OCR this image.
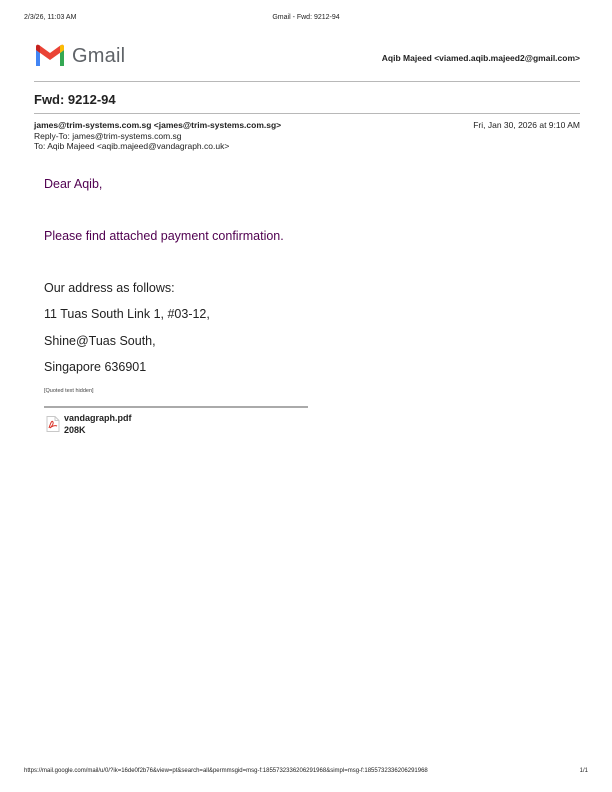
2/3/26, 11:03 AM	Gmail - Fwd: 9212-94
Gmail	Aqib Majeed <viamed.aqib.majeed2@gmail.com>
Fwd: 9212-94
james@trim-systems.com.sg <james@trim-systems.com.sg>	Fri, Jan 30, 2026 at 9:10 AM
Reply-To: james@trim-systems.com.sg
To: Aqib Majeed <aqib.majeed@vandagraph.co.uk>
Dear Aqib,
Please find attached payment confirmation.
Our address as follows:
11 Tuas South Link 1, #03-12,
Shine@Tuas South,
Singapore 636901
[Quoted text hidden]
vandagraph.pdf
208K
https://mail.google.com/mail/u/0/?ik=16de0f2b76&view=pt&search=all&permmsgid=msg-f:1855732336206291968&simpl=msg-f:1855732336206291968	1/1
